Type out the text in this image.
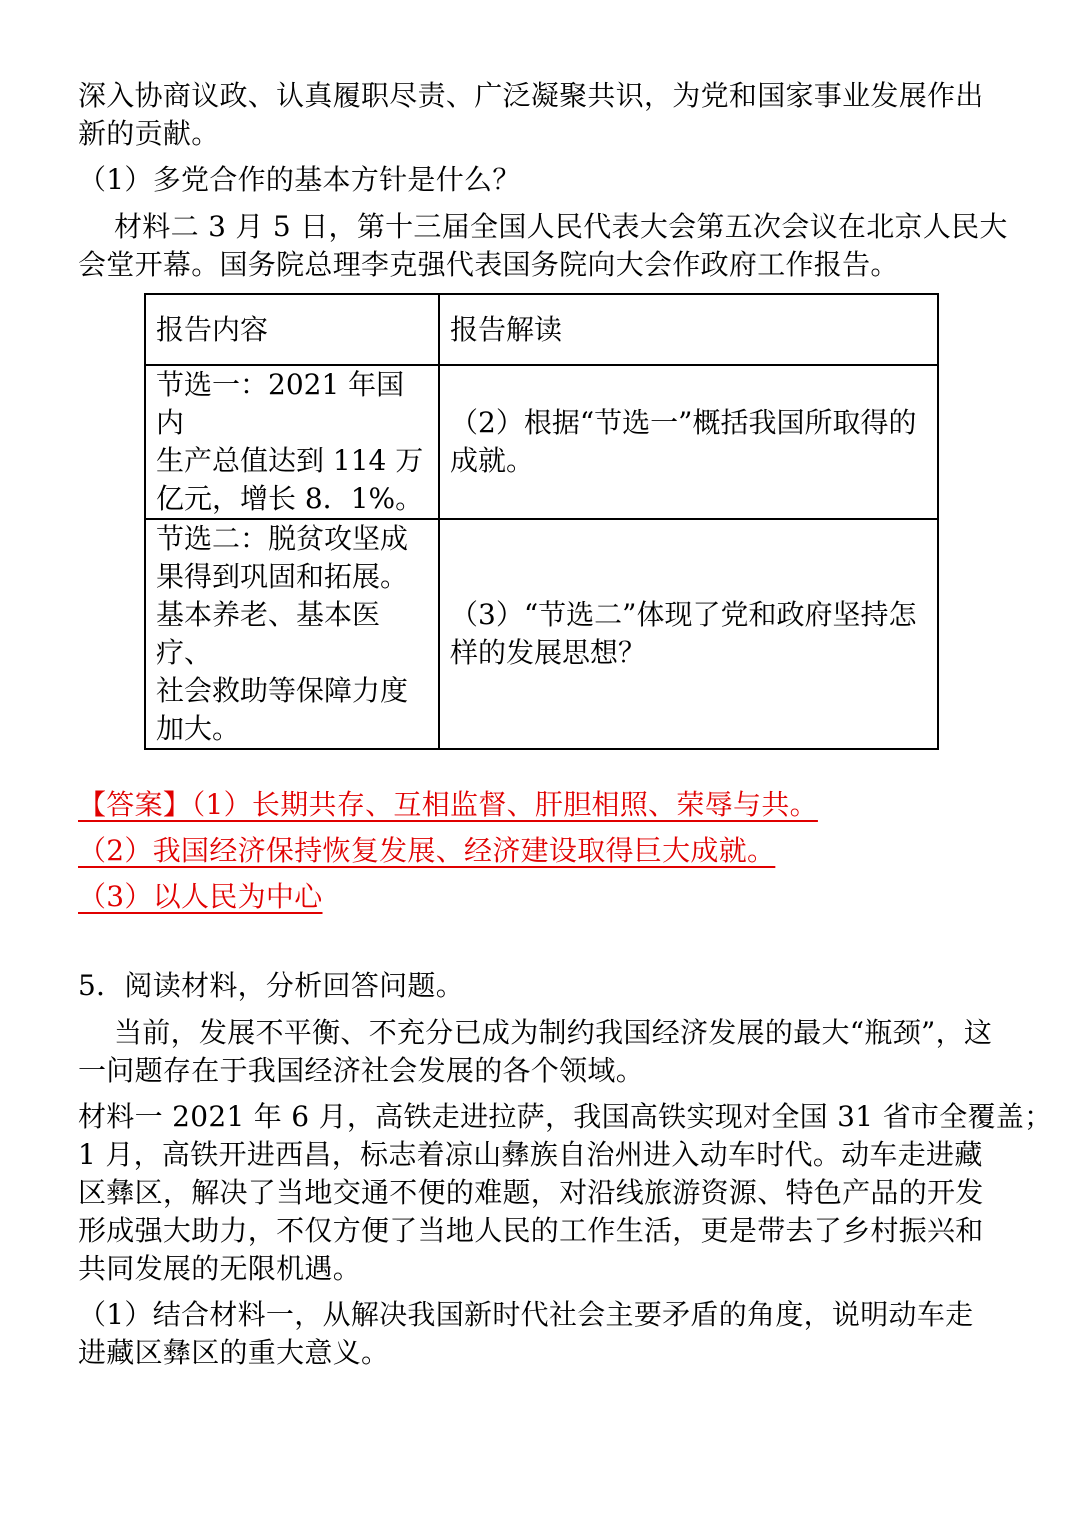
深入协商议政、认真履职尽责、广泛凝聚共识，为党和国家事业发展作出
新的贡献。
（1）多党合作的基本方针是什么？
材料二 3 月 5 日，第十三届全国人民代表大会第五次会议在北京人民大
会堂开幕。国务院总理李克强代表国务院向大会作政府工作报告。
报告内容	报告解读

节选一：2021 年国内
生产总值达到 114 万
亿元，增长 8．1%。	（2）根据“节选一”概括我国所取得的
成就。

节选二：脱贫攻坚成
果得到巩固和拓展。
基本养老、基本医疗、
社会救助等保障力度
加大。	（3）“节选二”体现了党和政府坚持怎
样的发展思想？
【答案】（1）长期共存、互相监督、肝胆相照、荣辱与共。
（2）我国经济保持恢复发展、经济建设取得巨大成就。
（3）以人民为中心
5．阅读材料，分析回答问题。
当前，发展不平衡、不充分已成为制约我国经济发展的最大“瓶颈”，这
一问题存在于我国经济社会发展的各个领域。
材料一 2021 年 6 月，高铁走进拉萨，我国高铁实现对全国 31 省市全覆盖；
1 月，高铁开进西昌，标志着凉山彝族自治州进入动车时代。动车走进藏
区彝区，解决了当地交通不便的难题，对沿线旅游资源、特色产品的开发
形成强大助力，不仅方便了当地人民的工作生活，更是带去了乡村振兴和
共同发展的无限机遇。
（1）结合材料一，从解决我国新时代社会主要矛盾的角度，说明动车走
进藏区彝区的重大意义。
